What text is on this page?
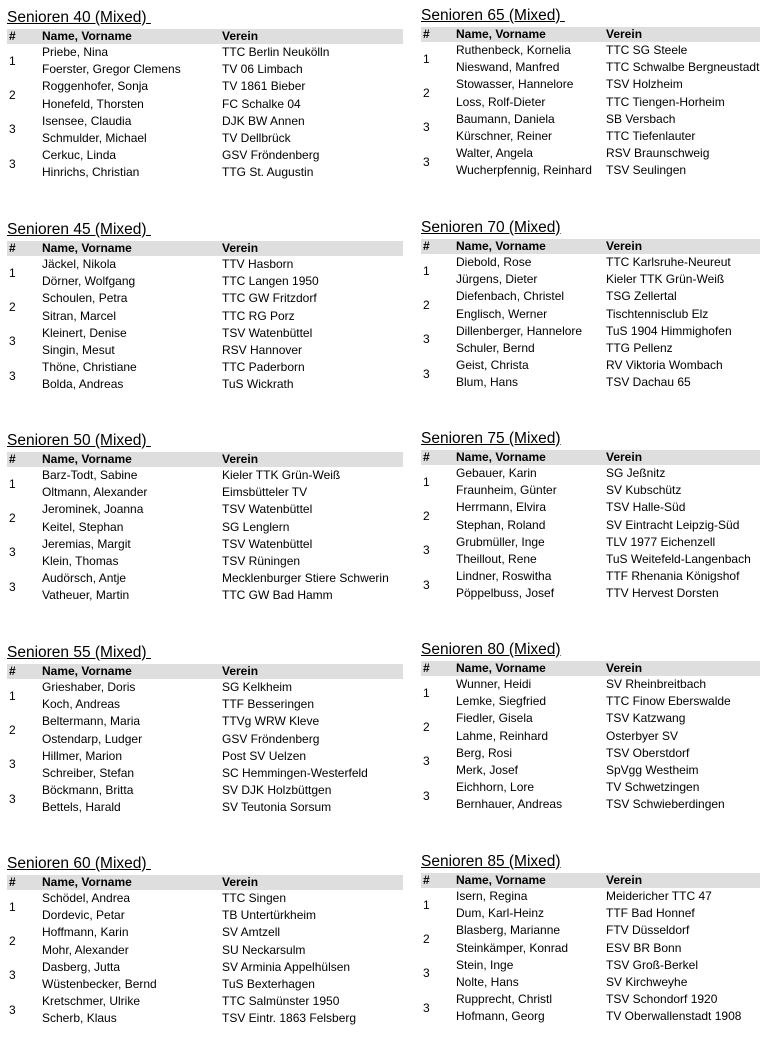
Senioren 40 (Mixed)
#	Name, Vorname	Verein
1	Priebe, Nina	TTC Berlin Neukölln
	Foerster, Gregor Clemens	TV 06 Limbach
2	Roggenhofer, Sonja	TV 1861 Bieber
	Honefeld, Thorsten	FC Schalke 04
3	Isensee, Claudia	DJK BW Annen
	Schmulder, Michael	TV Dellbrück
3	Cerkuc, Linda	GSV Fröndenberg
	Hinrichs, Christian	TTG St. Augustin
Senioren 65 (Mixed)
#	Name, Vorname	Verein
1	Ruthenbeck, Kornelia	TTC SG Steele
	Nieswand, Manfred	TTC Schwalbe Bergneustadt
2	Stowasser, Hannelore	TSV Holzheim
	Loss, Rolf-Dieter	TTC Tiengen-Horheim
3	Baumann, Daniela	SB Versbach
	Kürschner, Reiner	TTC Tiefenlauter
3	Walter, Angela	RSV Braunschweig
	Wucherpfennig, Reinhard	TSV Seulingen
Senioren 45 (Mixed)
#	Name, Vorname	Verein
1	Jäckel, Nikola	TTV Hasborn
	Dörner, Wolfgang	TTC Langen 1950
2	Schoulen, Petra	TTC GW Fritzdorf
	Sitran, Marcel	TTC RG Porz
3	Kleinert, Denise	TSV Watenbüttel
	Singin, Mesut	RSV Hannover
3	Thöne, Christiane	TTC Paderborn
	Bolda, Andreas	TuS Wickrath
Senioren 70 (Mixed)
#	Name, Vorname	Verein
1	Diebold, Rose	TTC Karlsruhe-Neureut
	Jürgens, Dieter	Kieler TTK Grün-Weiß
2	Diefenbach, Christel	TSG Zellertal
	Englisch, Werner	Tischtennisclub Elz
3	Dillenberger, Hannelore	TuS 1904 Himmighofen
	Schuler, Bernd	TTG Pellenz
3	Geist, Christa	RV Viktoria Wombach
	Blum, Hans	TSV Dachau 65
Senioren 50 (Mixed)
#	Name, Vorname	Verein
1	Barz-Todt, Sabine	Kieler TTK Grün-Weiß
	Oltmann, Alexander	Eimsbütteler TV
2	Jerominek, Joanna	TSV Watenbüttel
	Keitel, Stephan	SG Lenglern
3	Jeremias, Margit	TSV Watenbüttel
	Klein, Thomas	TSV Rüningen
3	Audörsch, Antje	Mecklenburger Stiere Schwerin
	Vatheuer, Martin	TTC GW Bad Hamm
Senioren 75 (Mixed)
#	Name, Vorname	Verein
1	Gebauer, Karin	SG Jeßnitz
	Fraunheim, Günter	SV Kubschütz
2	Herrmann, Elvira	TSV Halle-Süd
	Stephan, Roland	SV Eintracht Leipzig-Süd
3	Grubmüller, Inge	TLV 1977 Eichenzell
	Theillout, Rene	TuS Weitefeld-Langenbach
3	Lindner, Roswitha	TTF Rhenania Königshof
	Pöppelbuss, Josef	TTV Hervest Dorsten
Senioren 55 (Mixed)
#	Name, Vorname	Verein
1	Grieshaber, Doris	SG Kelkheim
	Koch, Andreas	TTF Besseringen
2	Beltermann, Maria	TTVg WRW Kleve
	Ostendarp, Ludger	GSV Fröndenberg
3	Hillmer, Marion	Post SV Uelzen
	Schreiber, Stefan	SC Hemmingen-Westerfeld
3	Böckmann, Britta	SV DJK Holzbüttgen
	Bettels, Harald	SV Teutonia Sorsum
Senioren 80 (Mixed)
#	Name, Vorname	Verein
1	Wunner, Heidi	SV Rheinbreitbach
	Lemke, Siegfried	TTC Finow Eberswalde
2	Fiedler, Gisela	TSV Katzwang
	Lahme, Reinhard	Osterbyer SV
3	Berg, Rosi	TSV Oberstdorf
	Merk, Josef	SpVgg Westheim
3	Eichhorn, Lore	TV Schwetzingen
	Bernhauer, Andreas	TSV Schwieberdingen
Senioren 60 (Mixed)
#	Name, Vorname	Verein
1	Schödel, Andrea	TTC Singen
	Dordevic, Petar	TB Untertürkheim
2	Hoffmann, Karin	SV Amtzell
	Mohr, Alexander	SU Neckarsulm
3	Dasberg, Jutta	SV Arminia Appelhülsen
	Wüstenbecker, Bernd	TuS Bexterhagen
3	Kretschmer, Ulrike	TTC Salmünster 1950
	Scherb, Klaus	TSV Eintr. 1863 Felsberg
Senioren 85 (Mixed)
#	Name, Vorname	Verein
1	Isern, Regina	Meidericher TTC 47
	Dum, Karl-Heinz	TTF Bad Honnef
2	Blasberg, Marianne	FTV Düsseldorf
	Steinkämper, Konrad	ESV BR Bonn
3	Stein, Inge	TSV Groß-Berkel
	Nolte, Hans	SV Kirchweyhe
3	Rupprecht, Christl	TSV Schondorf 1920
	Hofmann, Georg	TV Oberwallenstadt 1908
